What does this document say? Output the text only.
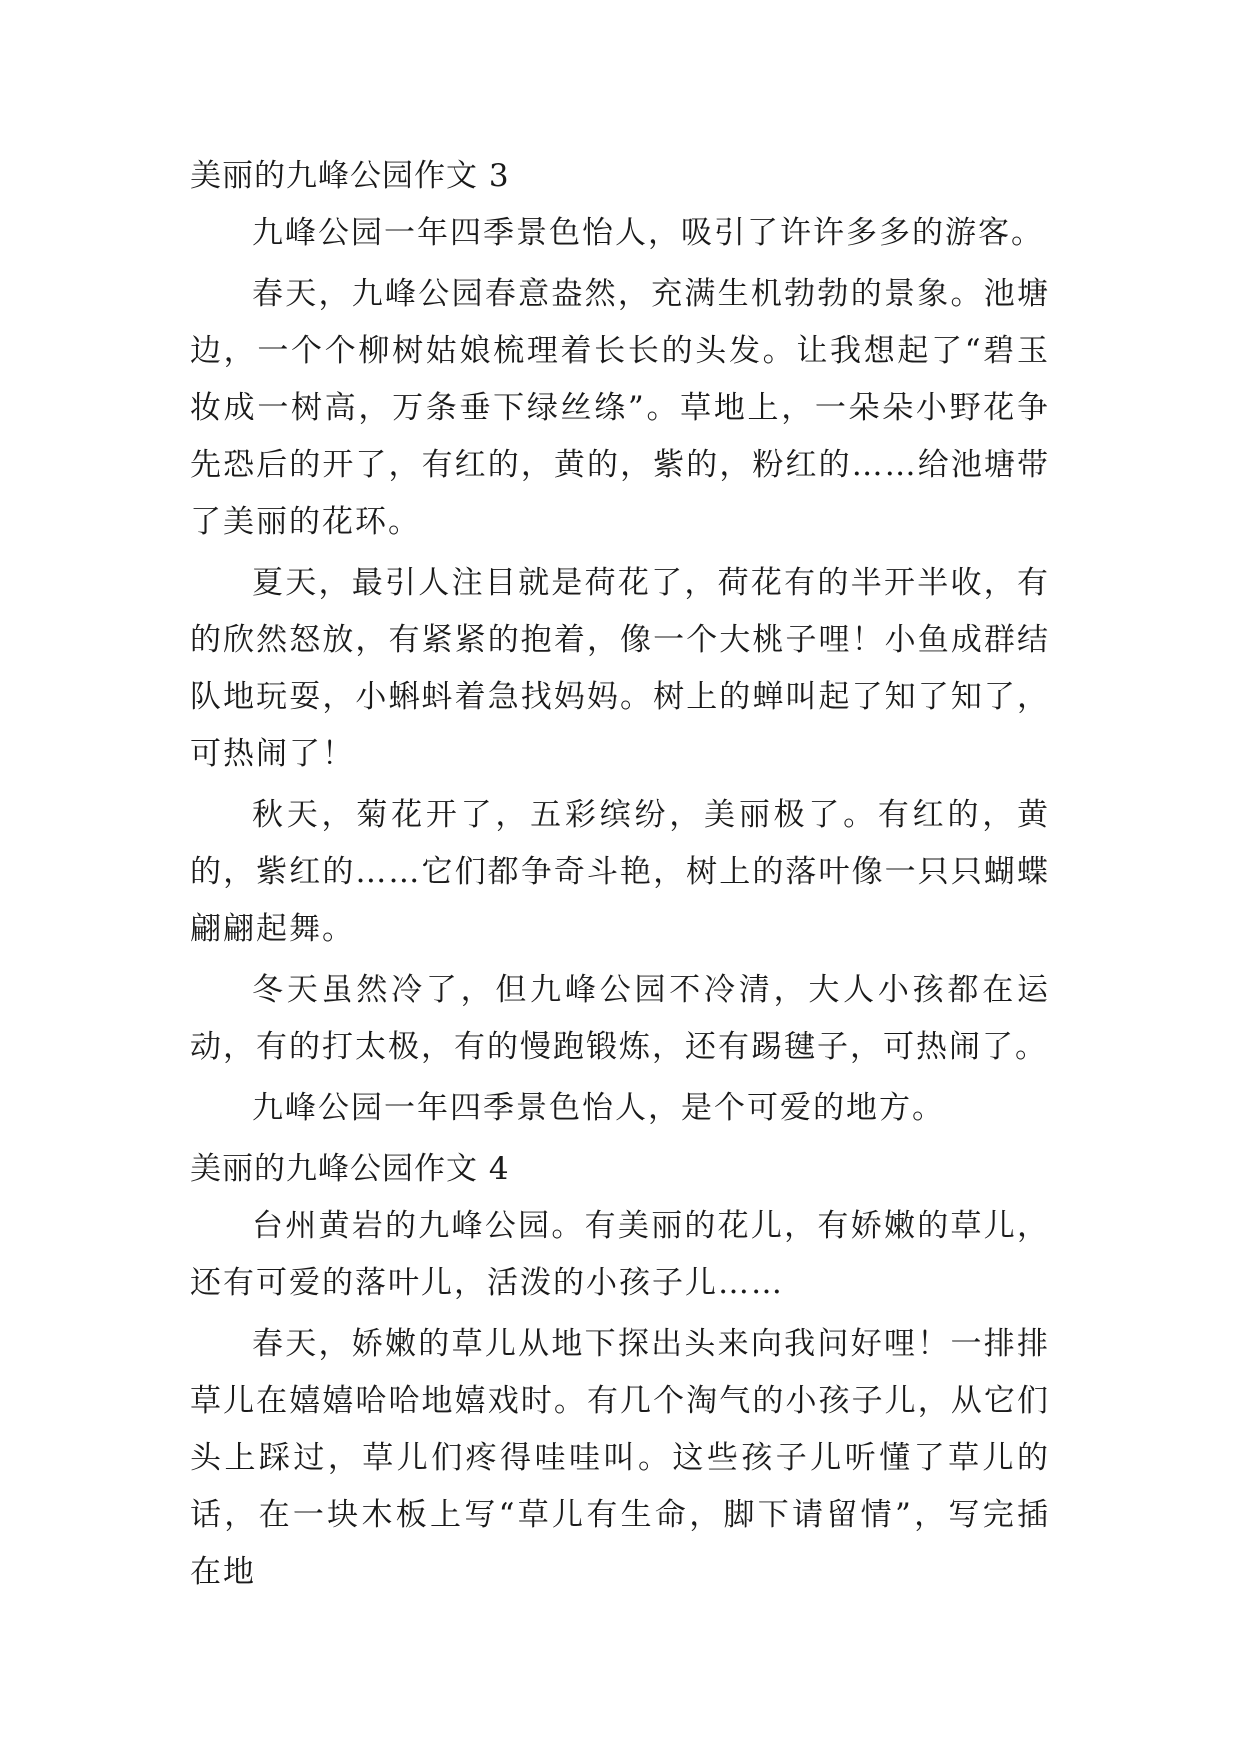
美丽的九峰公园作文 3

九峰公园一年四季景色怡人，吸引了许许多多的游客。

春天，九峰公园春意盎然，充满生机勃勃的景象。池塘边，一个个柳树姑娘梳理着长长的头发。让我想起了“碧玉妆成一树高，万条垂下绿丝绦”。草地上，一朵朵小野花争先恐后的开了，有红的，黄的，紫的，粉红的……给池塘带了美丽的花环。

夏天，最引人注目就是荷花了，荷花有的半开半收，有的欣然怒放，有紧紧的抱着，像一个大桃子哩！小鱼成群结队地玩耍，小蝌蚪着急找妈妈。树上的蝉叫起了知了知了，可热闹了！

秋天，菊花开了，五彩缤纷，美丽极了。有红的，黄的，紫红的……它们都争奇斗艳，树上的落叶像一只只蝴蝶翩翩起舞。

冬天虽然冷了，但九峰公园不冷清，大人小孩都在运动，有的打太极，有的慢跑锻炼，还有踢毽子，可热闹了。

九峰公园一年四季景色怡人，是个可爱的地方。

美丽的九峰公园作文 4

台州黄岩的九峰公园。有美丽的花儿，有娇嫩的草儿，还有可爱的落叶儿，活泼的小孩子儿……

春天，娇嫩的草儿从地下探出头来向我问好哩！一排排草儿在嬉嬉哈哈地嬉戏时。有几个淘气的小孩子儿，从它们头上踩过，草儿们疼得哇哇叫。这些孩子儿听懂了草儿的话，在一块木板上写“草儿有生命，脚下请留情”，写完插在地
